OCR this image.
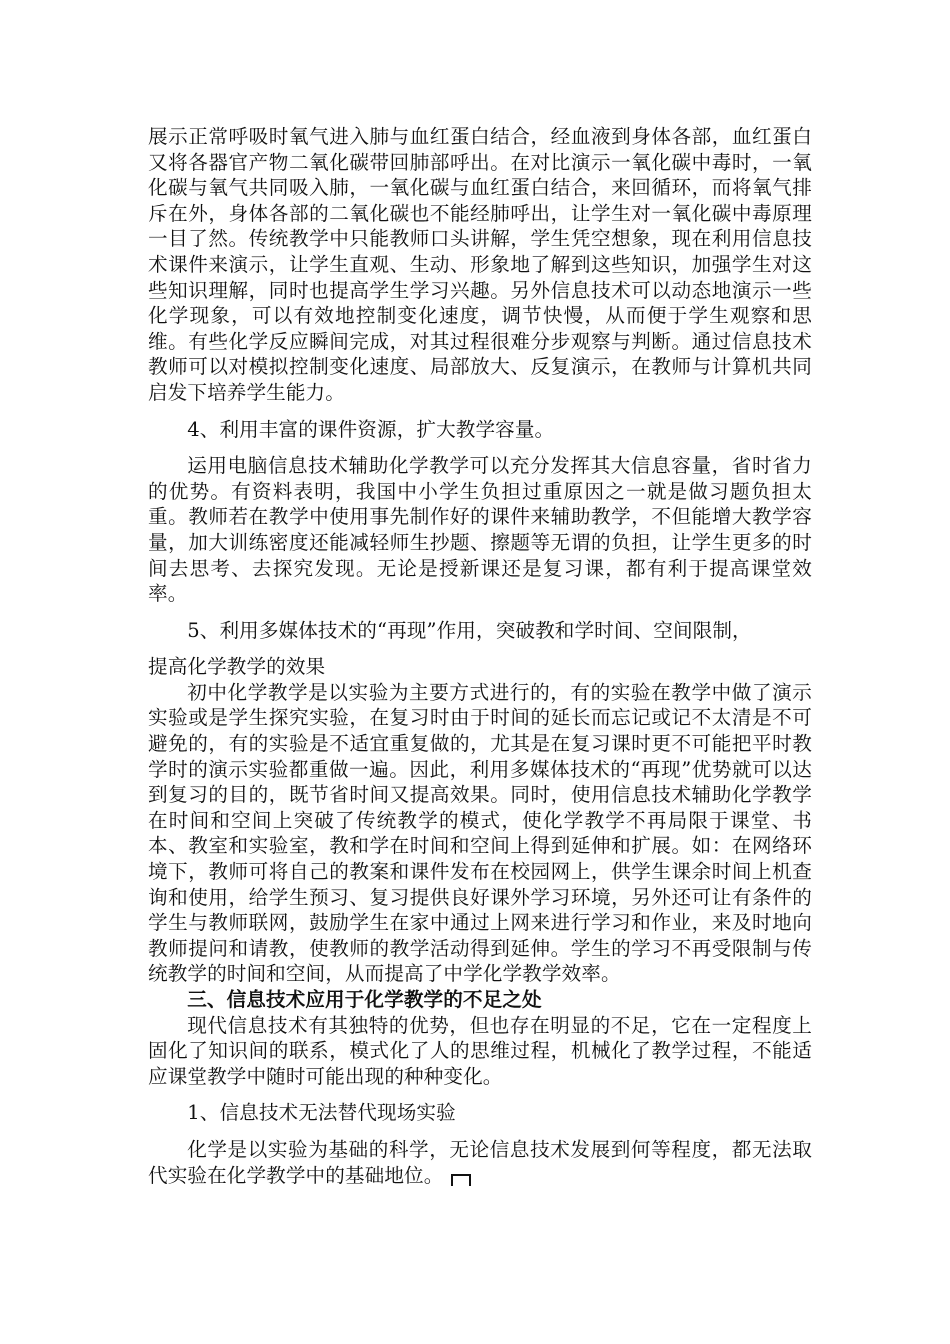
展示正常呼吸时氧气进入肺与血红蛋白结合，经血液到身体各部，血红蛋白又将各器官产物二氧化碳带回肺部呼出。在对比演示一氧化碳中毒时，一氧化碳与氧气共同吸入肺，一氧化碳与血红蛋白结合，来回循环，而将氧气排斥在外，身体各部的二氧化碳也不能经肺呼出，让学生对一氧化碳中毒原理一目了然。传统教学中只能教师口头讲解，学生凭空想象，现在利用信息技术课件来演示，让学生直观、生动、形象地了解到这些知识，加强学生对这些知识理解，同时也提高学生学习兴趣。另外信息技术可以动态地演示一些化学现象，可以有效地控制变化速度，调节快慢，从而便于学生观察和思维。有些化学反应瞬间完成，对其过程很难分步观察与判断。通过信息技术教师可以对模拟控制变化速度、局部放大、反复演示，在教师与计算机共同启发下培养学生能力。

4、利用丰富的课件资源，扩大教学容量。

运用电脑信息技术辅助化学教学可以充分发挥其大信息容量，省时省力的优势。有资料表明，我国中小学生负担过重原因之一就是做习题负担太重。教师若在教学中使用事先制作好的课件来辅助教学，不但能增大教学容量，加大训练密度还能减轻师生抄题、擦题等无谓的负担，让学生更多的时间去思考、去探究发现。无论是授新课还是复习课，都有利于提高课堂效率。

5、利用多媒体技术的“再现”作用，突破教和学时间、空间限制，

提高化学教学的效果

初中化学教学是以实验为主要方式进行的，有的实验在教学中做了演示实验或是学生探究实验，在复习时由于时间的延长而忘记或记不太清是不可避免的，有的实验是不适宜重复做的，尤其是在复习课时更不可能把平时教学时的演示实验都重做一遍。因此，利用多媒体技术的“再现”优势就可以达到复习的目的，既节省时间又提高效果。同时，使用信息技术辅助化学教学在时间和空间上突破了传统教学的模式，使化学教学不再局限于课堂、书本、教室和实验室，教和学在时间和空间上得到延伸和扩展。如：在网络环境下，教师可将自己的教案和课件发布在校园网上，供学生课余时间上机查询和使用，给学生预习、复习提供良好课外学习环境，另外还可让有条件的学生与教师联网，鼓励学生在家中通过上网来进行学习和作业，来及时地向教师提问和请教，使教师的教学活动得到延伸。学生的学习不再受限制与传统教学的时间和空间，从而提高了中学化学教学效率。

三、信息技术应用于化学教学的不足之处

现代信息技术有其独特的优势，但也存在明显的不足，它在一定程度上固化了知识间的联系，模式化了人的思维过程，机械化了教学过程，不能适应课堂教学中随时可能出现的种种变化。

1、信息技术无法替代现场实验

化学是以实验为基础的科学，无论信息技术发展到何等程度，都无法取代实验在化学教学中的基础地位。
